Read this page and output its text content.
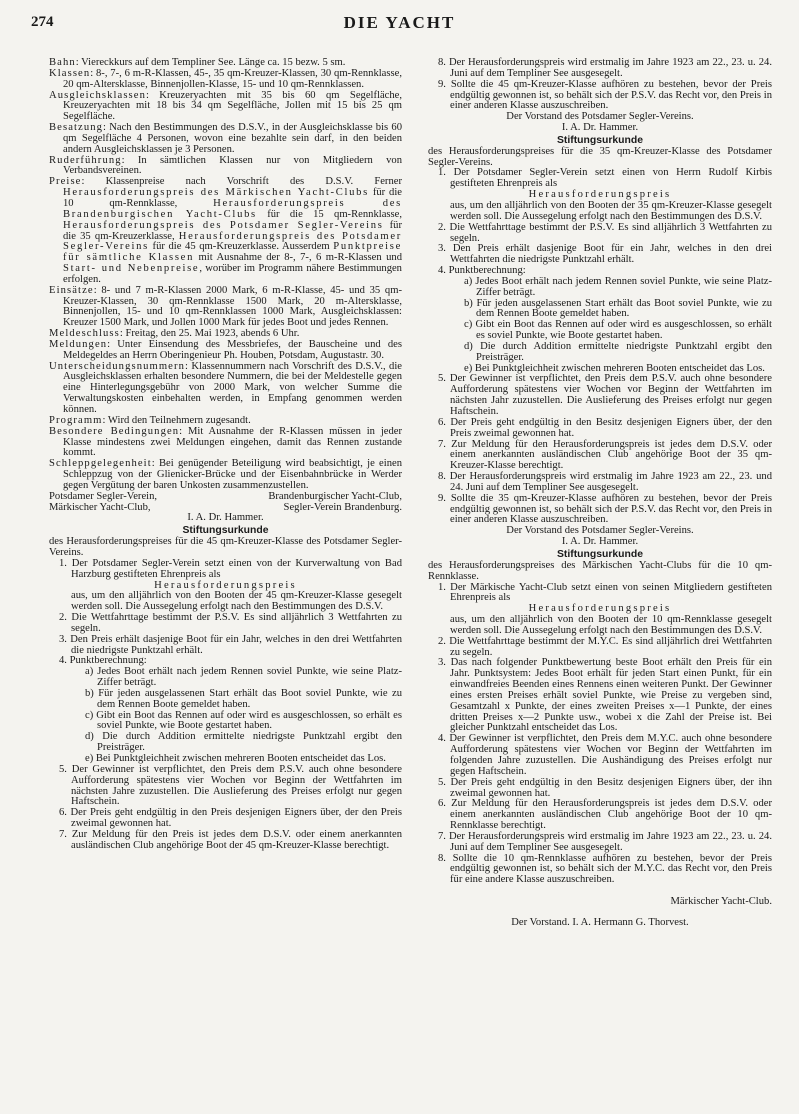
274	DIE YACHT

Bahn: Viereckkurs auf dem Templiner See. Länge ca. 15 bezw. 5 sm.

Klassen: 8-, 7-, 6 m-R-Klassen, 45-, 35 qm-Kreuzer-Klassen, 30 qm-Rennklasse, 20 qm-Altersklasse, Binnenjollen-Klasse, 15- und 10 qm-Rennklassen.

Ausgleichsklassen: Kreuzeryachten mit 35 bis 60 qm Segelfläche, Kreuzeryachten mit 18 bis 34 qm Segelfläche, Jollen mit 15 bis 25 qm Segelfläche.

Besatzung: Nach den Bestimmungen des D.S.V., in der Ausgleichsklasse bis 60 qm Segelfläche 4 Personen, wovon eine bezahlte sein darf, in den beiden andern Ausgleichsklassen je 3 Personen.

Ruderführung: In sämtlichen Klassen nur von Mitgliedern von Verbandsvereinen.

Preise: Klassenpreise nach Vorschrift des D.S.V. Ferner Herausforderungspreis des Märkischen Yacht-Clubs für die 10 qm-Rennklasse, Herausforderungspreis des Brandenburgischen Yacht-Clubs für die 15 qm-Rennklasse, Herausforderungspreis des Potsdamer Segler-Vereins für die 35 qm-Kreuzerklasse, Herausforderungspreis des Potsdamer Segler-Vereins für die 45 qm-Kreuzerklasse. Ausserdem Punktpreise für sämtliche Klassen mit Ausnahme der 8-, 7-, 6 m-R-Klassen und Start- und Nebenpreise, worüber im Programm nähere Bestimmungen erfolgen.

Einsätze: 8- und 7 m-R-Klassen 2000 Mark, 6 m-R-Klasse, 45- und 35 qm-Kreuzer-Klassen, 30 qm-Rennklasse 1500 Mark, 20 m-Altersklasse, Binnenjollen, 15- und 10 qm-Rennklassen 1000 Mark, Ausgleichsklassen: Kreuzer 1500 Mark, und Jollen 1000 Mark für jedes Boot und jedes Rennen.

Meldeschluss: Freitag, den 25. Mai 1923, abends 6 Uhr.

Meldungen: Unter Einsendung des Messbriefes, der Bauscheine und des Meldegeldes an Herrn Oberingenieur Ph. Houben, Potsdam, Augustastr. 30.

Unterscheidungsnummern: Klassennummern nach Vorschrift des D.S.V., die Ausgleichsklassen erhalten besondere Nummern, die bei der Meldestelle gegen eine Hinterlegungsgebühr von 2000 Mark, von welcher Summe die Verwaltungskosten einbehalten werden, in Empfang genommen werden können.

Programm: Wird den Teilnehmern zugesandt.

Besondere Bedingungen: Mit Ausnahme der R-Klassen müssen in jeder Klasse mindestens zwei Meldungen eingehen, damit das Rennen zustande kommt.

Schleppgelegenheit: Bei genügender Beteiligung wird beabsichtigt, je einen Schleppzug von der Glienicker-Brücke und der Eisenbahnbrücke in Werder gegen Vergütung der baren Unkosten zusammenzustellen.

Potsdamer Segler-Verein,	Brandenburgischer Yacht-Club,
Märkischer Yacht-Club,	Segler-Verein Brandenburg.

I. A. Dr. Hammer.

Stiftungsurkunde

des Herausforderungspreises für die 45 qm-Kreuzer-Klasse des Potsdamer Segler-Vereins.

1. Der Potsdamer Segler-Verein setzt einen von der Kurverwaltung von Bad Harzburg gestifteten Ehrenpreis als

Herausforderungspreis

aus, um den alljährlich von den Booten der 45 qm-Kreuzer-Klasse gesegelt werden soll. Die Aussegelung erfolgt nach den Bestimmungen des D.S.V.

2. Die Wettfahrttage bestimmt der P.S.V. Es sind alljährlich 3 Wettfahrten zu segeln.

3. Den Preis erhält dasjenige Boot für ein Jahr, welches in den drei Wettfahrten die niedrigste Punktzahl erhält.

4. Punktberechnung:

a) Jedes Boot erhält nach jedem Rennen soviel Punkte, wie seine Platz-Ziffer beträgt.

b) Für jeden ausgelassenen Start erhält das Boot soviel Punkte, wie zu dem Rennen Boote gemeldet haben.

c) Gibt ein Boot das Rennen auf oder wird es ausgeschlossen, so erhält es soviel Punkte, wie Boote gestartet haben.

d) Die durch Addition ermittelte niedrigste Punktzahl ergibt den Preisträger.

e) Bei Punktgleichheit zwischen mehreren Booten entscheidet das Los.

5. Der Gewinner ist verpflichtet, den Preis dem P.S.V. auch ohne besondere Aufforderung spätestens vier Wochen vor Beginn der Wettfahrten im nächsten Jahre zuzustellen. Die Auslieferung des Preises erfolgt nur gegen Haftschein.

6. Der Preis geht endgültig in den Preis desjenigen Eigners über, der den Preis zweimal gewonnen hat.

7. Zur Meldung für den Preis ist jedes dem D.S.V. oder einem anerkannten ausländischen Club angehörige Boot der 45 qm-Kreuzer-Klasse berechtigt.

8. Der Herausforderungspreis wird erstmalig im Jahre 1923 am 22., 23. u. 24. Juni auf dem Templiner See ausgesegelt.

9. Sollte die 45 qm-Kreuzer-Klasse aufhören zu bestehen, bevor der Preis endgültig gewonnen ist, so behält sich der P.S.V. das Recht vor, den Preis in einer anderen Klasse auszuschreiben.

Der Vorstand des Potsdamer Segler-Vereins.

I. A. Dr. Hammer.

Stiftungsurkunde

des Herausforderungspreises für die 35 qm-Kreuzer-Klasse des Potsdamer Segler-Vereins.

1. Der Potsdamer Segler-Verein setzt einen von Herrn Rudolf Kirbis gestifteten Ehrenpreis als

Herausforderungspreis

aus, um den alljährlich von den Booten der 35 qm-Kreuzer-Klasse gesegelt werden soll. Die Aussegelung erfolgt nach den Bestimmungen des D.S.V.

2. Die Wettfahrttage bestimmt der P.S.V. Es sind alljährlich 3 Wettfahrten zu segeln.

3. Den Preis erhält dasjenige Boot für ein Jahr, welches in den drei Wettfahrten die niedrigste Punktzahl erhält.

4. Punktberechnung:

a) Jedes Boot erhält nach jedem Rennen soviel Punkte, wie seine Platz-Ziffer beträgt.

b) Für jeden ausgelassenen Start erhält das Boot soviel Punkte, wie zu dem Rennen Boote gemeldet haben.

c) Gibt ein Boot das Rennen auf oder wird es ausgeschlossen, so erhält es soviel Punkte, wie Boote gestartet haben.

d) Die durch Addition ermittelte niedrigste Punktzahl ergibt den Preisträger.

e) Bei Punktgleichheit zwischen mehreren Booten entscheidet das Los.

5. Der Gewinner ist verpflichtet, den Preis dem P.S.V. auch ohne besondere Aufforderung spätestens vier Wochen vor Beginn der Wettfahrten im nächsten Jahr zuzustellen. Die Auslieferung des Preises erfolgt nur gegen Haftschein.

6. Der Preis geht endgültig in den Besitz desjenigen Eigners über, der den Preis zweimal gewonnen hat.

7. Zur Meldung für den Herausforderungspreis ist jedes dem D.S.V. oder einem anerkannten ausländischen Club angehörige Boot der 35 qm-Kreuzer-Klasse berechtigt.

8. Der Herausforderungspreis wird erstmalig im Jahre 1923 am 22., 23. und 24. Juni auf dem Templiner See ausgesegelt.

9. Sollte die 35 qm-Kreuzer-Klasse aufhören zu bestehen, bevor der Preis endgültig gewonnen ist, so behält sich der P.S.V. das Recht vor, den Preis in einer anderen Klasse auszuschreiben.

Der Vorstand des Potsdamer Segler-Vereins.

I. A. Dr. Hammer.

Stiftungsurkunde

des Herausforderungspreises des Märkischen Yacht-Clubs für die 10 qm-Rennklasse.

1. Der Märkische Yacht-Club setzt einen von seinen Mitgliedern gestifteten Ehrenpreis als

Herausforderungspreis

aus, um den alljährlich von den Booten der 10 qm-Rennklasse gesegelt werden soll. Die Aussegelung erfolgt nach den Bestimmungen des D.S.V.

2. Die Wettfahrttage bestimmt der M.Y.C. Es sind alljährlich drei Wettfahrten zu segeln.

3. Das nach folgender Punktbewertung beste Boot erhält den Preis für ein Jahr. Punktsystem: Jedes Boot erhält für jeden Start einen Punkt, für ein einwandfreies Beenden eines Rennens einen weiteren Punkt. Der Gewinner eines ersten Preises erhält soviel Punkte, wie Preise zu vergeben sind, Gesamtzahl x Punkte, der eines zweiten Preises x—1 Punkte, der eines dritten Preises x—2 Punkte usw., wobei x die Zahl der Preise ist. Bei gleicher Punktzahl entscheidet das Los.

4. Der Gewinner ist verpflichtet, den Preis dem M.Y.C. auch ohne besondere Aufforderung spätestens vier Wochen vor Beginn der Wettfahrten im folgenden Jahre zuzustellen. Die Aushändigung des Preises erfolgt nur gegen Haftschein.

5. Der Preis geht endgültig in den Besitz desjenigen Eigners über, der ihn zweimal gewonnen hat.

6. Zur Meldung für den Herausforderungspreis ist jedes dem D.S.V. oder einem anerkannten ausländischen Club angehörige Boot der 10 qm-Rennklasse berechtigt.

7. Der Herausforderungspreis wird erstmalig im Jahre 1923 am 22., 23. u. 24. Juni auf dem Templiner See ausgesegelt.

8. Sollte die 10 qm-Rennklasse aufhören zu bestehen, bevor der Preis endgültig gewonnen ist, so behält sich der M.Y.C. das Recht vor, den Preis für eine andere Klasse auszuschreiben.

Märkischer Yacht-Club.

Der Vorstand. I. A. Hermann G. Thorvest.
